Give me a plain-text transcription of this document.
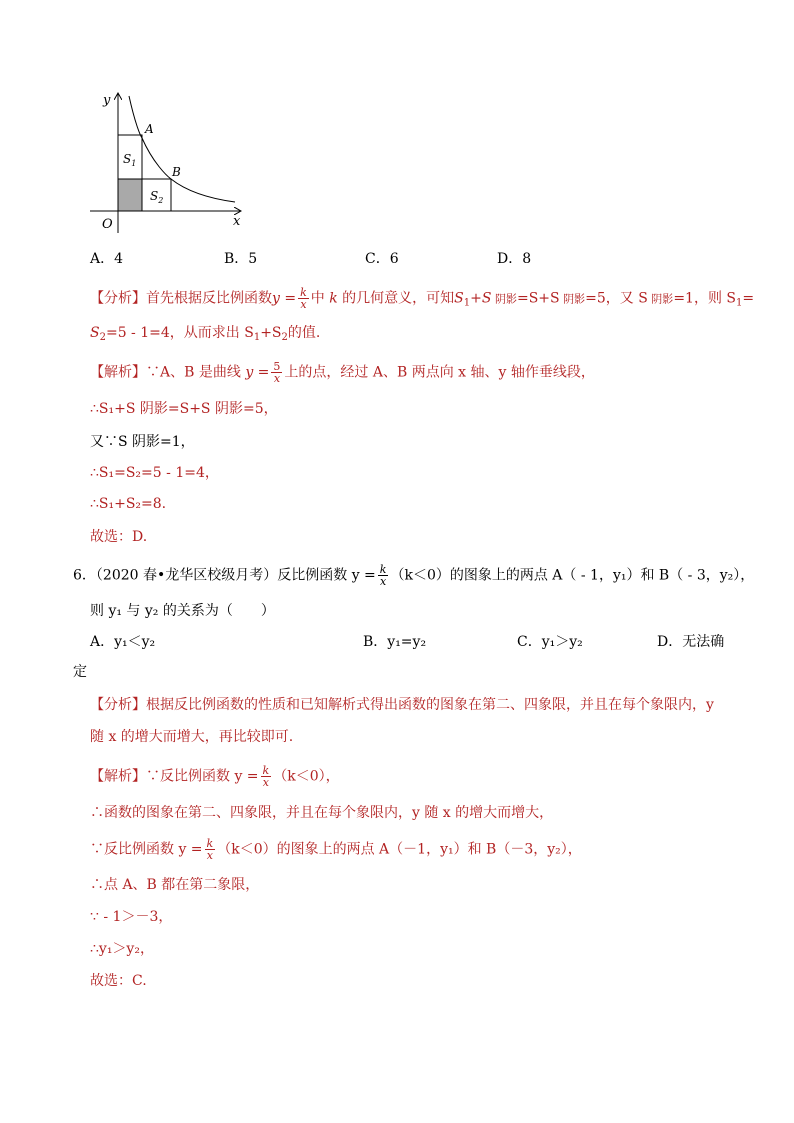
y
x
O
A
B
$S_1$
$S_2$
A．4	B．5	C．6	D．8
【分析】首先根据反比例函数$y = \frac{k}{x}$ 中 k 的几何意义，可知$S_1+S$ 阴影=S+S 阴影=5，又 S 阴影=1，则 $S_1=$
$S_2=5 - 1=4$，从而求出 $S_1+S_2$的值.
【解析】∵A、B 是曲线 $y = \frac{5}{x}$ 上的点，经过 A、B 两点向 x 轴、y 轴作垂线段，
∴S₁+S 阴影=S+S 阴影=5，
又∵S 阴影=1，
∴S₁=S₂=5 - 1=4，
∴S₁+S₂=8.
故选：D.
6．（2020 春•龙华区校级月考）反比例函数 $y = \frac{k}{x} (k<0)$的图象上的两点 A（ - 1，y₁）和 B（ - 3，y₂），
则 y₁ 与 y₂ 的关系为（　　）
A．y₁＜y₂	B．y₁=y₂	C．y₁＞y₂	D．无法确
定
【分析】根据反比例函数的性质和已知解析式得出函数的图象在第二、四象限，并且在每个象限内，y
随 x 的增大而增大，再比较即可.
【解析】∵反比例函数 $y = \frac{k}{x} (k<0)$，
∴函数的图象在第二、四象限，并且在每个象限内，y 随 x 的增大而增大，
∵反比例函数 $y = \frac{k}{x} (k<0)$的图象上的两点 A（－1，y₁）和 B（－3，y₂），
∴点 A、B 都在第二象限，
∵ - 1＞－3，
∴y₁＞y₂，
故选：C.
